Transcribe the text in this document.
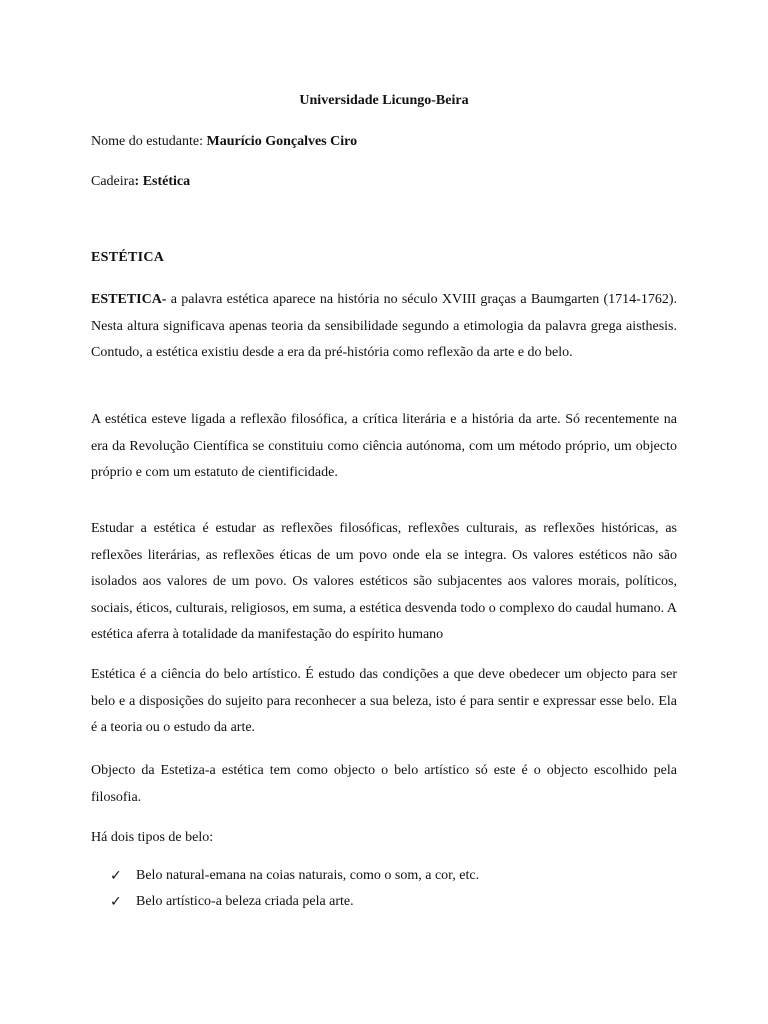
Universidade Licungo-Beira
Nome do estudante: Maurício Gonçalves Ciro
Cadeira: Estética
ESTÉTICA
ESTETICA- a palavra estética aparece na história no século XVIII graças a Baumgarten (1714-1762). Nesta altura significava apenas teoria da sensibilidade segundo a etimologia da palavra grega aisthesis. Contudo, a estética existiu desde a era da pré-história como reflexão da arte e do belo.
A estética esteve ligada a reflexão filosófica, a crítica literária e a história da arte. Só recentemente na era da Revolução Científica se constituiu como ciência autónoma, com um método próprio, um objecto próprio e com um estatuto de cientificidade.
Estudar a estética é estudar as reflexões filosóficas, reflexões culturais, as reflexões históricas, as reflexões literárias, as reflexões éticas de um povo onde ela se integra. Os valores estéticos não são isolados aos valores de um povo. Os valores estéticos são subjacentes aos valores morais, políticos, sociais, éticos, culturais, religiosos, em suma, a estética desvenda todo o complexo do caudal humano. A estética aferra à totalidade da manifestação do espírito humano
Estética é a ciência do belo artístico. É estudo das condições a que deve obedecer um objecto para ser belo e a disposições do sujeito para reconhecer a sua beleza, isto é para sentir e expressar esse belo. Ela é a teoria ou o estudo da arte.
Objecto da Estetiza-a estética tem como objecto o belo artístico só este é o objecto escolhido pela filosofia.
Há dois tipos de belo:
✓	Belo natural-emana na coias naturais, como o som, a cor, etc.
✓	Belo artístico-a beleza criada pela arte.
